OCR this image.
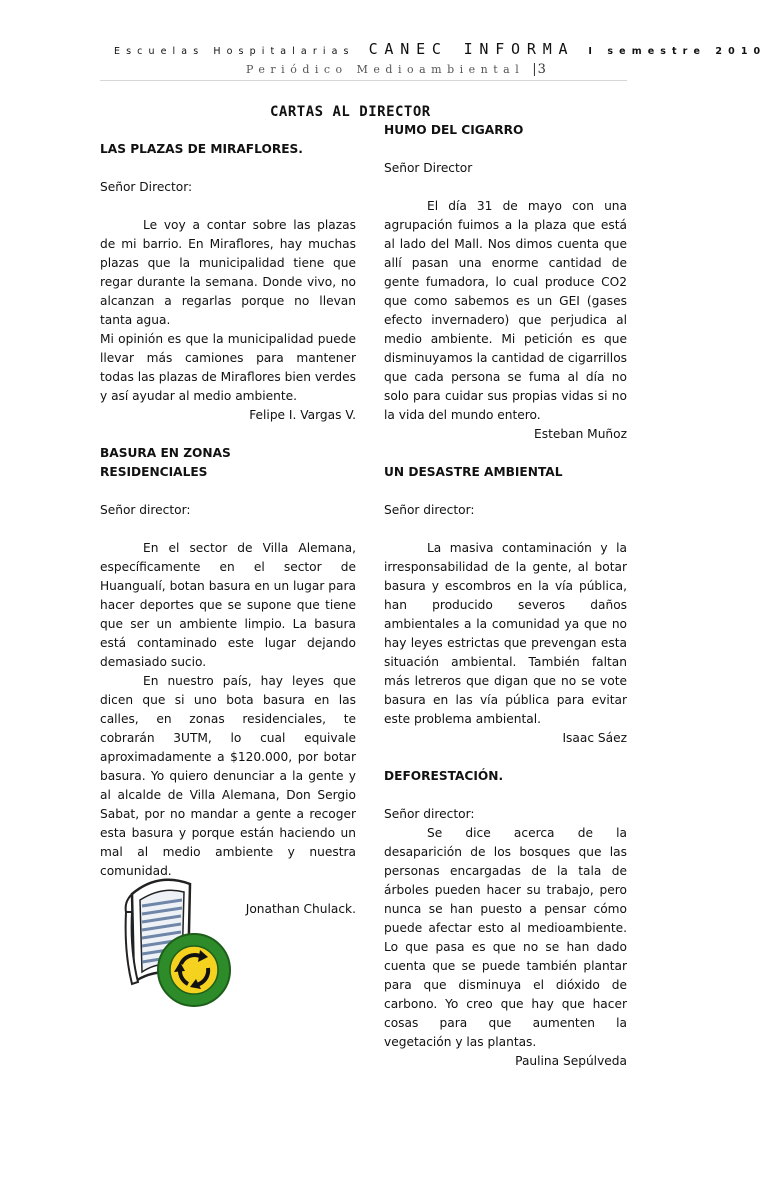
Escuelas Hospitalarias CANEC INFORMA I semestre 2010
Periódico Medioambiental |3
CARTAS AL DIRECTOR

LAS PLAZAS DE MIRAFLORES.

Señor Director:

Le voy a contar sobre las plazas de mi barrio. En Miraflores, hay muchas plazas que la municipalidad tiene que regar durante la semana. Donde vivo, no alcanzan a regarlas porque no llevan tanta agua.

Mi opinión es que la municipalidad puede llevar más camiones para mantener todas las plazas de Miraflores bien verdes y así ayudar al medio ambiente.

Felipe I. Vargas V.

BASURA EN ZONAS

RESIDENCIALES

Señor director:

En el sector de Villa Alemana, específicamente en el sector de Huangualí, botan basura en un lugar para hacer deportes que se supone que tiene que ser un ambiente limpio. La basura está contaminado este lugar dejando demasiado sucio.

En nuestro país, hay leyes que dicen que si uno bota basura en las calles, en zonas residenciales, te cobrarán 3UTM, lo cual equivale aproximadamente a $120.000, por botar basura. Yo quiero denunciar a la gente y al alcalde de Villa Alemana, Don Sergio Sabat, por no mandar a gente a recoger esta basura y porque están haciendo un mal al medio ambiente y nuestra comunidad.

Jonathan Chulack.

HUMO DEL CIGARRO

Señor Director

El día 31 de mayo con una agrupación fuimos a la plaza que está al lado del Mall. Nos dimos cuenta que allí pasan una enorme cantidad de gente fumadora, lo cual produce CO2 que como sabemos es un GEI (gases efecto invernadero) que perjudica al medio ambiente. Mi petición es que disminuyamos la cantidad de cigarrillos que cada persona se fuma al día no solo para cuidar sus propias vidas si no la vida del mundo entero.

Esteban Muñoz

UN DESASTRE AMBIENTAL

Señor director:

La masiva contaminación y la irresponsabilidad de la gente, al botar basura y escombros en la vía pública, han producido severos daños ambientales a la comunidad ya que no hay leyes estrictas que prevengan esta situación ambiental. También faltan más letreros que digan que no se vote basura en las vía pública para evitar este problema ambiental.

Isaac Sáez

DEFORESTACIÓN.

Señor director:

Se dice acerca de la desaparición de los bosques que las personas encargadas de la tala de árboles pueden hacer su trabajo, pero nunca se han puesto a pensar cómo puede afectar esto al medioambiente. Lo que pasa es que no se han dado cuenta que se puede también plantar para que disminuya el dióxido de carbono. Yo creo que hay que hacer cosas para que aumenten la vegetación y las plantas.

Paulina Sepúlveda
